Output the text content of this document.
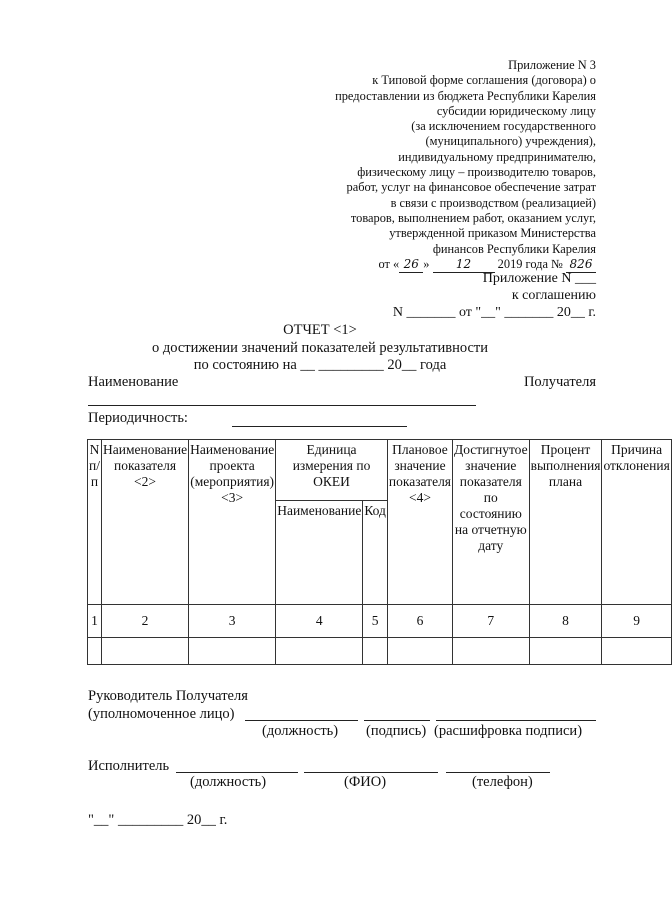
Приложение N 3
к Типовой форме соглашения (договора) о
предоставлении из бюджета Республики Карелия
субсидии юридическому лицу
(за исключением государственного
(муниципального) учреждения),
индивидуальному предпринимателю,
физическому лицу – производителю товаров,
работ, услуг на финансовое обеспечение затрат
в связи с производством (реализацией)
товаров, выполнением работ, оказанием услуг,
утвержденной приказом Министерства
финансов Республики Карелия
от « 26 » 12 2019 года № 826
Приложение N ___
к соглашению
N _______ от "__" _______ 20__ г.
ОТЧЕТ <1>
о достижении значений показателей результативности
по состоянию на __ _________ 20__ года
Наименование	Получателя
Периодичность:
N п/п	Наименование показателя <2>	Наименование проекта (мероприятия) <3>	Единица измерения по ОКЕИ		Плановое значение показателя <4>	Достигнутое значение показателя по состоянию на отчетную дату	Процент выполнения плана	Причина отклонения
			Наименование	Код				
1	2	3	4	5	6	7	8	9

Руководитель Получателя
(уполномоченное лицо)
(должность) (подпись) (расшифровка подписи)
Исполнитель
(должность)	(ФИО)	(телефон)
"__" _________ 20__ г.
